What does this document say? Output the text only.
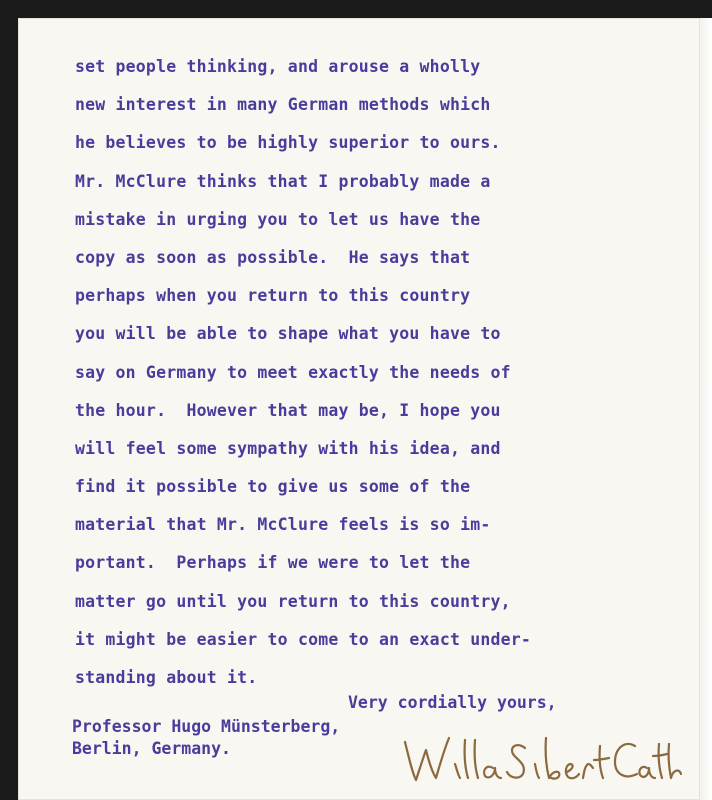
set people thinking, and arouse a wholly
new interest in many German methods which
he believes to be highly superior to ours.
Mr. McClure thinks that I probably made a
mistake in urging you to let us have the
copy as soon as possible.  He says that
perhaps when you return to this country
you will be able to shape what you have to
say on Germany to meet exactly the needs of
the hour.  However that may be, I hope you
will feel some sympathy with his idea, and
find it possible to give us some of the
material that Mr. McClure feels is so im-
portant.  Perhaps if we were to let the
matter go until you return to this country,
it might be easier to come to an exact under-
standing about it.
Very cordially yours,
Professor Hugo Münsterberg,
Berlin, Germany.
